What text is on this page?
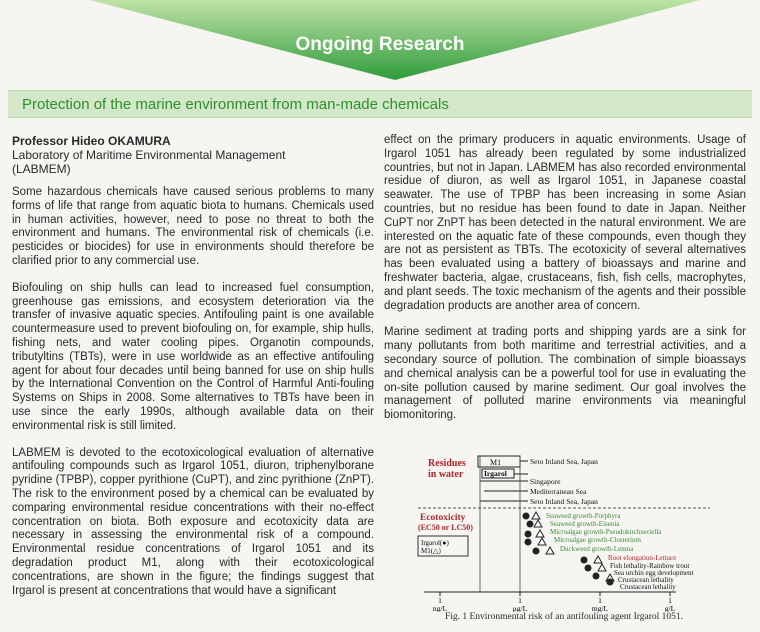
Ongoing Research
Protection of the marine environment from man-made chemicals
Professor Hideo OKAMURA
Laboratory of Maritime Environmental Management
(LABMEM)

Some hazardous chemicals have caused serious problems to many forms of life that range from aquatic biota to humans. Chemicals used in human activities, however, need to pose no threat to both the environment and humans. The environmental risk of chemicals (i.e. pesticides or biocides) for use in environments should therefore be clarified prior to any commercial use.

Biofouling on ship hulls can lead to increased fuel consumption, greenhouse gas emissions, and ecosystem deterioration via the transfer of invasive aquatic species. Antifouling paint is one available countermeasure used to prevent biofouling on, for example, ship hulls, fishing nets, and water cooling pipes. Organotin compounds, tributyltins (TBTs), were in use worldwide as an effective antifouling agent for about four decades until being banned for use on ship hulls by the International Convention on the Control of Harmful Anti-fouling Systems on Ships in 2008. Some alternatives to TBTs have been in use since the early 1990s, although available data on their environmental risk is still limited.

LABMEM is devoted to the ecotoxicological evaluation of alternative antifouling compounds such as Irgarol 1051, diuron, triphenylborane pyridine (TPBP), copper pyrithione (CuPT), and zinc pyrithione (ZnPT). The risk to the environment posed by a chemical can be evaluated by comparing environmental residue concentrations with their no-effect concentration on biota. Both exposure and ecotoxicity data are necessary in assessing the environmental risk of a compound. Environmental residue concentrations of Irgarol 1051 and its degradation product M1, along with their ecotoxicological concentrations, are shown in the figure; the findings suggest that Irgarol is present at concentrations that would have a significant

effect on the primary producers in aquatic environments. Usage of Irgarol 1051 has already been regulated by some industrialized countries, but not in Japan. LABMEM has also recorded environmental residue of diuron, as well as Irgarol 1051, in Japanese coastal seawater. The use of TPBP has been increasing in some Asian countries, but no residue has been found to date in Japan. Neither CuPT nor ZnPT has been detected in the natural environment. We are interested on the aquatic fate of these compounds, even though they are not as persistent as TBTs. The ecotoxicity of several alternatives has been evaluated using a battery of bioassays and marine and freshwater bacteria, algae, crustaceans, fish, fish cells, macrophytes, and plant seeds. The toxic mechanism of the agents and their possible degradation products are another area of concern.

Marine sediment at trading ports and shipping yards are a sink for many pollutants from both maritime and terrestrial activities, and a secondary source of pollution. The combination of simple bioassays and chemical analysis can be a powerful tool for use in evaluating the on-site pollution caused by marine sediment. Our goal involves the management of polluted marine environments via meaningful biomonitoring.

Residues
in water
M1	Seto Inland Sea, Japan
Irgarol
Singapore
Mediterranean Sea
Seto Inland Sea, Japan
Ecotoxicity
(EC50 or LC50)
Irgarol(●)
M1(△)
Seaweed growth-Porphyra
Seaweed growth-Eisenia
Microalgae growth-Pseudokirchneriella
Microalgae growth-Closterium
Duckweed growth-Lemna
Root elongation-Lettuce
Fish lethality-Rainbow trout
Sea urchin egg development
Crustacean lethality
Crustacean lethality
1	1	1	1
ng/L	μg/L	mg/L	g/L
Fig. 1 Environmental risk of an antifouling agent Irgarol 1051.
